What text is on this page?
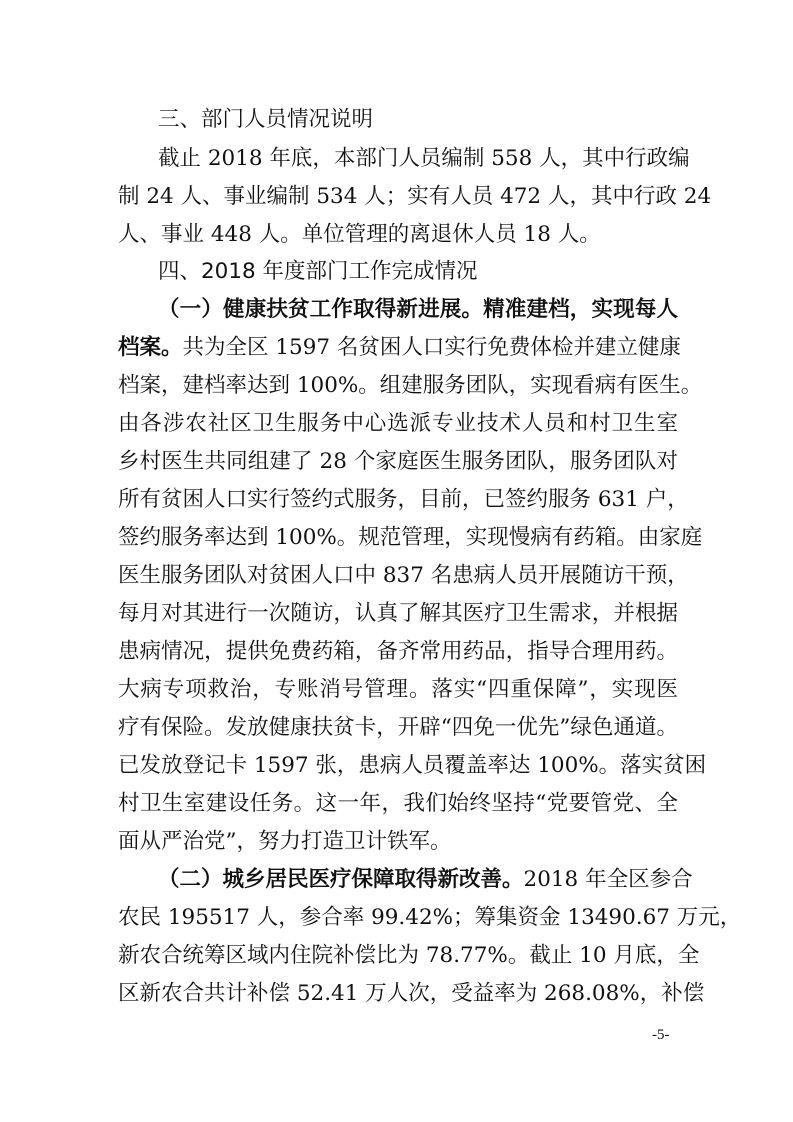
三、部门人员情况说明
截止 2018 年底，本部门人员编制 558 人，其中行政编
制 24 人、事业编制 534 人；实有人员 472 人，其中行政 24
人、事业 448 人。单位管理的离退休人员 18 人。
四、2018 年度部门工作完成情况
（一）健康扶贫工作取得新进展。精准建档，实现每人
档案。共为全区 1597 名贫困人口实行免费体检并建立健康
档案，建档率达到 100%。组建服务团队，实现看病有医生。
由各涉农社区卫生服务中心选派专业技术人员和村卫生室
乡村医生共同组建了 28 个家庭医生服务团队，服务团队对
所有贫困人口实行签约式服务，目前，已签约服务 631 户，
签约服务率达到 100%。规范管理，实现慢病有药箱。由家庭
医生服务团队对贫困人口中 837 名患病人员开展随访干预，
每月对其进行一次随访，认真了解其医疗卫生需求，并根据
患病情况，提供免费药箱，备齐常用药品，指导合理用药。
大病专项救治，专账消号管理。落实“四重保障”，实现医
疗有保险。发放健康扶贫卡，开辟“四免一优先”绿色通道。
已发放登记卡 1597 张，患病人员覆盖率达 100%。落实贫困
村卫生室建设任务。这一年，我们始终坚持“党要管党、全
面从严治党”，努力打造卫计铁军。
（二）城乡居民医疗保障取得新改善。2018 年全区参合
农民 195517 人，参合率 99.42%；筹集资金 13490.67 万元，
新农合统筹区域内住院补偿比为 78.77%。截止 10 月底，全
区新农合共计补偿 52.41 万人次，受益率为 268.08%，补偿
-5-
